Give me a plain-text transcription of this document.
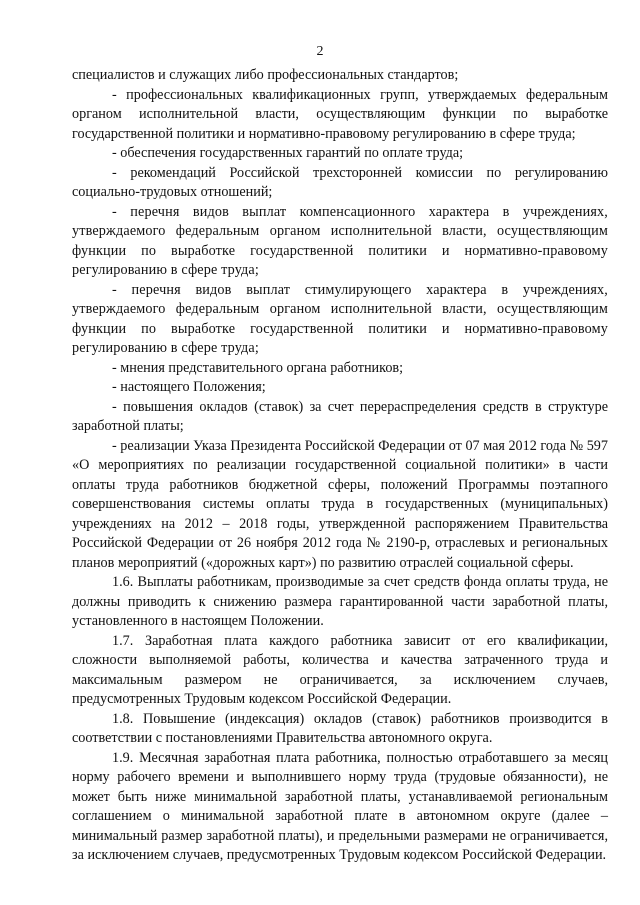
2

специалистов и служащих либо профессиональных стандартов;

- профессиональных квалификационных групп, утверждаемых федеральным органом исполнительной власти, осуществляющим функции по выработке государственной политики и нормативно-правовому регулированию в сфере труда;

- обеспечения государственных гарантий по оплате труда;

- рекомендаций Российской трехсторонней комиссии по регулированию социально-трудовых отношений;

- перечня видов выплат компенсационного характера в учреждениях, утверждаемого федеральным органом исполнительной власти, осуществляющим функции по выработке государственной политики и нормативно-правовому регулированию в сфере труда;

- перечня видов выплат стимулирующего характера в учреждениях, утверждаемого федеральным органом исполнительной власти, осуществляющим функции по выработке государственной политики и нормативно-правовому регулированию в сфере труда;

- мнения представительного органа работников;

- настоящего Положения;

- повышения окладов (ставок) за счет перераспределения средств в структуре заработной платы;

- реализации Указа Президента Российской Федерации от 07 мая 2012 года № 597 «О мероприятиях по реализации государственной социальной политики» в части оплаты труда работников бюджетной сферы, положений Программы поэтапного совершенствования системы оплаты труда в государственных (муниципальных) учреждениях на 2012 – 2018 годы, утвержденной распоряжением Правительства Российской Федерации от 26 ноября 2012 года № 2190-р, отраслевых и региональных планов мероприятий («дорожных карт») по развитию отраслей социальной сферы.

1.6. Выплаты работникам, производимые за счет средств фонда оплаты труда, не должны приводить к снижению размера гарантированной части заработной платы, установленного в настоящем Положении.

1.7. Заработная плата каждого работника зависит от его квалификации, сложности выполняемой работы, количества и качества затраченного труда и максимальным размером не ограничивается, за исключением случаев, предусмотренных Трудовым кодексом Российской Федерации.

1.8. Повышение (индексация) окладов (ставок) работников производится в соответствии с постановлениями Правительства автономного округа.

1.9. Месячная заработная плата работника, полностью отработавшего за месяц норму рабочего времени и выполнившего норму труда (трудовые обязанности), не может быть ниже минимальной заработной платы, устанавливаемой региональным соглашением о минимальной заработной плате в автономном округе (далее – минимальный размер заработной платы), и предельными размерами не ограничивается, за исключением случаев, предусмотренных Трудовым кодексом Российской Федерации.
